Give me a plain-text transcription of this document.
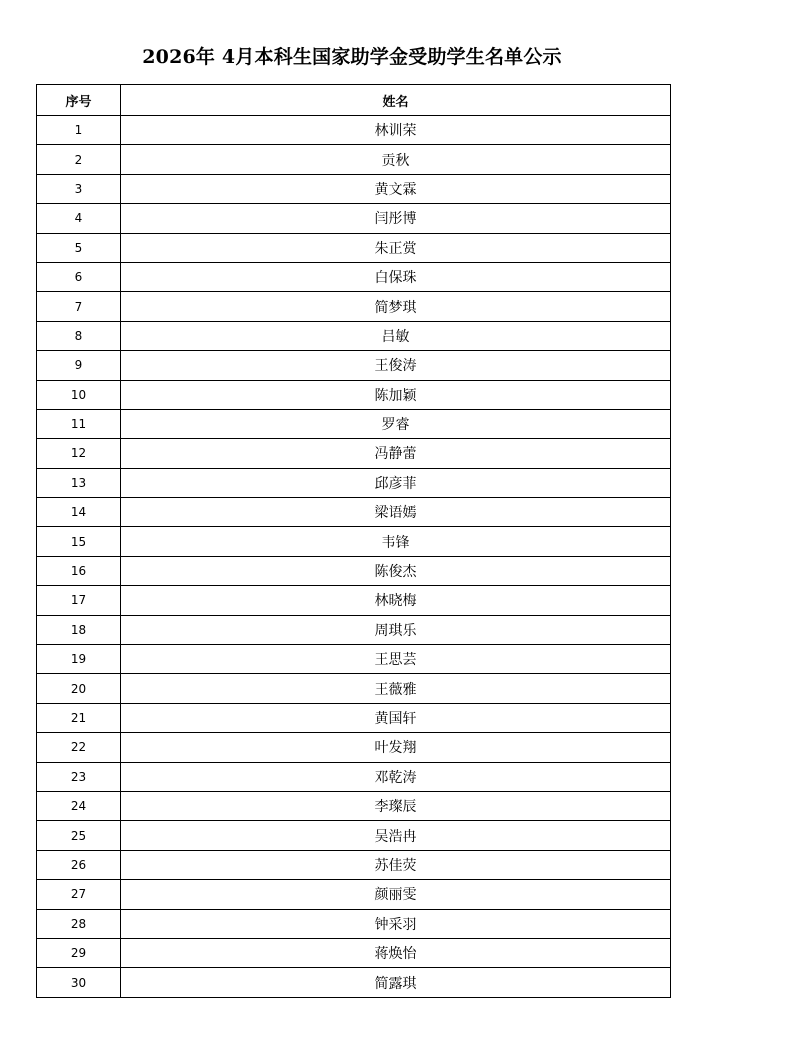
2026年 4月本科生国家助学金受助学生名单公示
序号	姓名
1	林训荣
2	贡秋
3	黄文霖
4	闫彤博
5	朱正赏
6	白保珠
7	简梦琪
8	吕敏
9	王俊涛
10	陈加颖
11	罗睿
12	冯静蕾
13	邱彦菲
14	梁语嫣
15	韦锋
16	陈俊杰
17	林晓梅
18	周琪乐
19	王思芸
20	王薇雅
21	黄国轩
22	叶发翔
23	邓乾涛
24	李璨辰
25	吴浩冉
26	苏佳荧
27	颜丽雯
28	钟采羽
29	蒋焕怡
30	简露琪
